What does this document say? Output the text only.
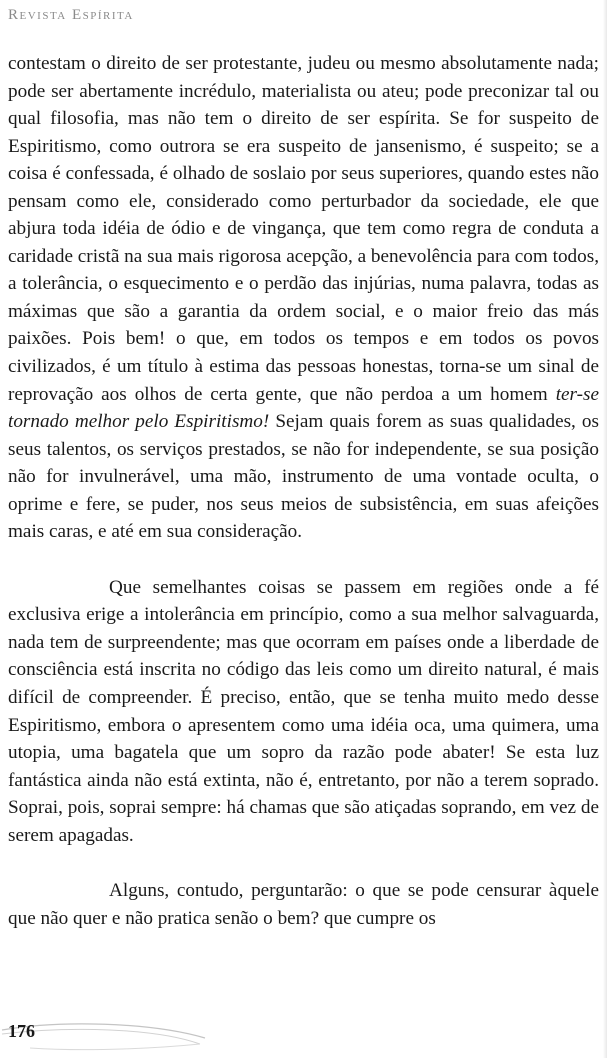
Revista Espírita

contestam o direito de ser protestante, judeu ou mesmo absolutamente nada; pode ser abertamente incrédulo, materialista ou ateu; pode preconizar tal ou qual filosofia, mas não tem o direito de ser espírita. Se for suspeito de Espiritismo, como outrora se era suspeito de jansenismo, é suspeito; se a coisa é confessada, é olhado de soslaio por seus superiores, quando estes não pensam como ele, considerado como perturbador da sociedade, ele que abjura toda idéia de ódio e de vingança, que tem como regra de conduta a caridade cristã na sua mais rigorosa acepção, a benevolência para com todos, a tolerância, o esquecimento e o perdão das injúrias, numa palavra, todas as máximas que são a garantia da ordem social, e o maior freio das más paixões. Pois bem! o que, em todos os tempos e em todos os povos civilizados, é um título à estima das pessoas honestas, torna-se um sinal de reprovação aos olhos de certa gente, que não perdoa a um homem ter-se tornado melhor pelo Espiritismo! Sejam quais forem as suas qualidades, os seus talentos, os serviços prestados, se não for independente, se sua posição não for invulnerável, uma mão, instrumento de uma vontade oculta, o oprime e fere, se puder, nos seus meios de subsistência, em suas afeições mais caras, e até em sua consideração.

Que semelhantes coisas se passem em regiões onde a fé exclusiva erige a intolerância em princípio, como a sua melhor salvaguarda, nada tem de surpreendente; mas que ocorram em países onde a liberdade de consciência está inscrita no código das leis como um direito natural, é mais difícil de compreender. É preciso, então, que se tenha muito medo desse Espiritismo, embora o apresentem como uma idéia oca, uma quimera, uma utopia, uma bagatela que um sopro da razão pode abater! Se esta luz fantástica ainda não está extinta, não é, entretanto, por não a terem soprado. Soprai, pois, soprai sempre: há chamas que são atiçadas soprando, em vez de serem apagadas.

Alguns, contudo, perguntarão: o que se pode censurar àquele que não quer e não pratica senão o bem? que cumpre os

176
